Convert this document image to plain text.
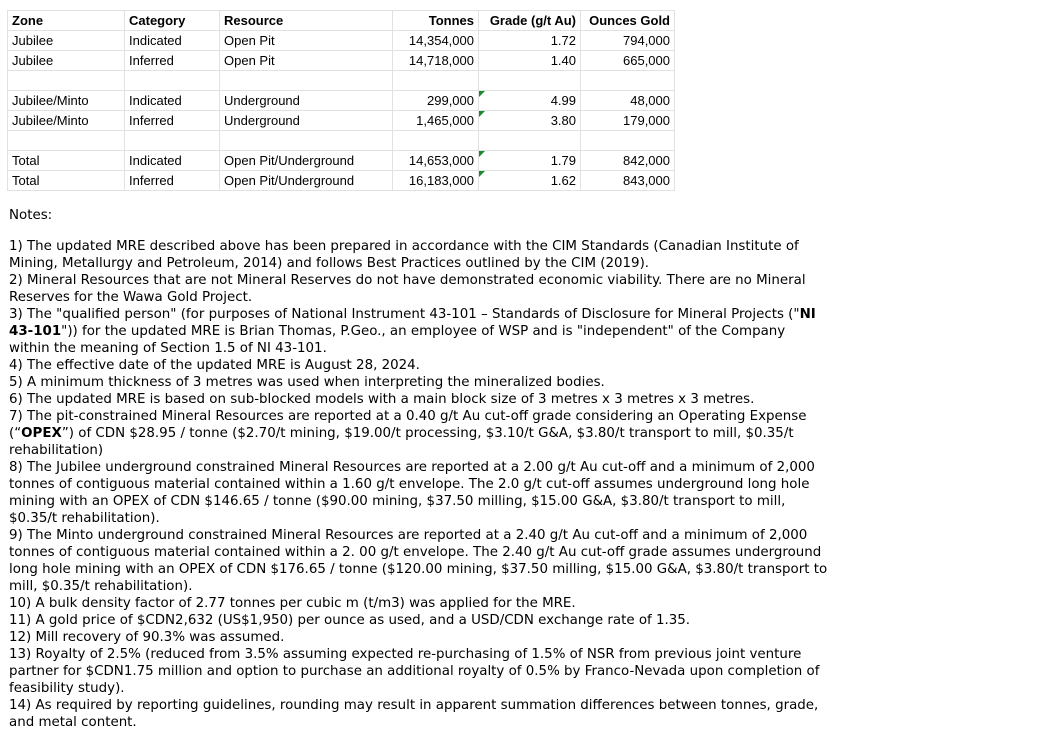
Zone	Category	Resource	Tonnes	Grade (g/t Au)	Ounces Gold
Jubilee	Indicated	Open Pit	14,354,000	1.72	794,000
Jubilee	Inferred	Open Pit	14,718,000	1.40	665,000

Jubilee/Minto	Indicated	Underground	299,000	4.99	48,000
Jubilee/Minto	Inferred	Underground	1,465,000	3.80	179,000

Total	Indicated	Open Pit/Underground	14,653,000	1.79	842,000
Total	Inferred	Open Pit/Underground	16,183,000	1.62	843,000

Notes:

1) The updated MRE described above has been prepared in accordance with the CIM Standards (Canadian Institute of Mining, Metallurgy and Petroleum, 2014) and follows Best Practices outlined by the CIM (2019).

2) Mineral Resources that are not Mineral Reserves do not have demonstrated economic viability. There are no Mineral Reserves for the Wawa Gold Project.

3) The "qualified person" (for purposes of National Instrument 43-101 – Standards of Disclosure for Mineral Projects ("NI 43-101")) for the updated MRE is Brian Thomas, P.Geo., an employee of WSP and is "independent" of the Company within the meaning of Section 1.5 of NI 43-101.

4) The effective date of the updated MRE is August 28, 2024.

5) A minimum thickness of 3 metres was used when interpreting the mineralized bodies.

6) The updated MRE is based on sub-blocked models with a main block size of 3 metres x 3 metres x 3 metres.

7) The pit-constrained Mineral Resources are reported at a 0.40 g/t Au cut-off grade considering an Operating Expense (“OPEX”) of CDN $28.95 / tonne ($2.70/t mining, $19.00/t processing, $3.10/t G&A, $3.80/t transport to mill, $0.35/t rehabilitation)

8) The Jubilee underground constrained Mineral Resources are reported at a 2.00 g/t Au cut-off and a minimum of 2,000 tonnes of contiguous material contained within a 1.60 g/t envelope. The 2.0 g/t cut-off assumes underground long hole mining with an OPEX of CDN $146.65 / tonne ($90.00 mining, $37.50 milling, $15.00 G&A, $3.80/t transport to mill, $0.35/t rehabilitation).

9) The Minto underground constrained Mineral Resources are reported at a 2.40 g/t Au cut-off and a minimum of 2,000 tonnes of contiguous material contained within a 2. 00 g/t envelope. The 2.40 g/t Au cut-off grade assumes underground long hole mining with an OPEX of CDN $176.65 / tonne ($120.00 mining, $37.50 milling, $15.00 G&A, $3.80/t transport to mill, $0.35/t rehabilitation).

10) A bulk density factor of 2.77 tonnes per cubic m (t/m3) was applied for the MRE.

11) A gold price of $CDN2,632 (US$1,950) per ounce as used, and a USD/CDN exchange rate of 1.35.

12) Mill recovery of 90.3% was assumed.

13) Royalty of 2.5% (reduced from 3.5% assuming expected re-purchasing of 1.5% of NSR from previous joint venture partner for $CDN1.75 million and option to purchase an additional royalty of 0.5% by Franco-Nevada upon completion of feasibility study).

14) As required by reporting guidelines, rounding may result in apparent summation differences between tonnes, grade, and metal content.
